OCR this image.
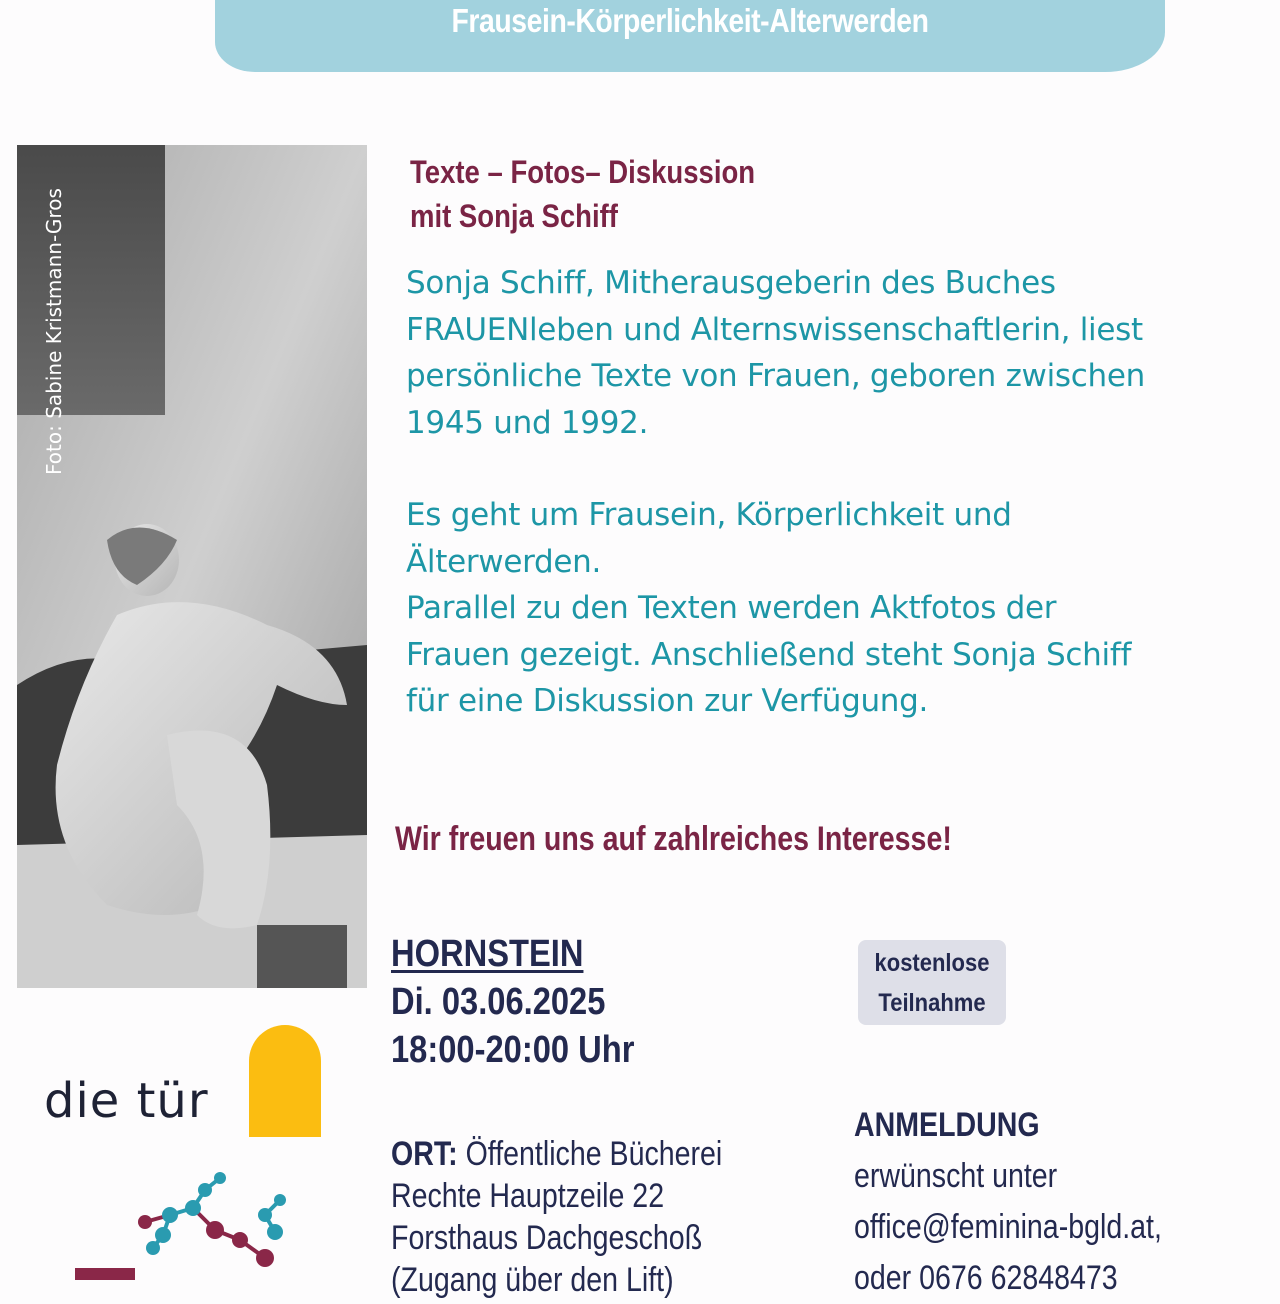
Frausein-Körperlichkeit-Alterwerden
Foto: Sabine Kristmann-Gros
Texte – Fotos– Diskussion
mit Sonja Schiff
Sonja Schiff, Mitherausgeberin des Buches
FRAUENleben und Alternswissenschaftlerin, liest
persönliche Texte von Frauen, geboren zwischen
1945 und 1992.
Es geht um Frausein, Körperlichkeit und
Älterwerden.
Parallel zu den Texten werden Aktfotos der
Frauen gezeigt. Anschließend steht Sonja Schiff
für eine Diskussion zur Verfügung.
Wir freuen uns auf zahlreiches Interesse!
HORNSTEIN
Di. 03.06.2025
18:00-20:00 Uhr
kostenlose
Teilnahme
ORT: Öffentliche Bücherei
Rechte Hauptzeile 22
Forsthaus Dachgeschoß
(Zugang über den Lift)
ANMELDUNG
erwünscht unter
office@feminina-bgld.at,
oder 0676 62848473
die tür
